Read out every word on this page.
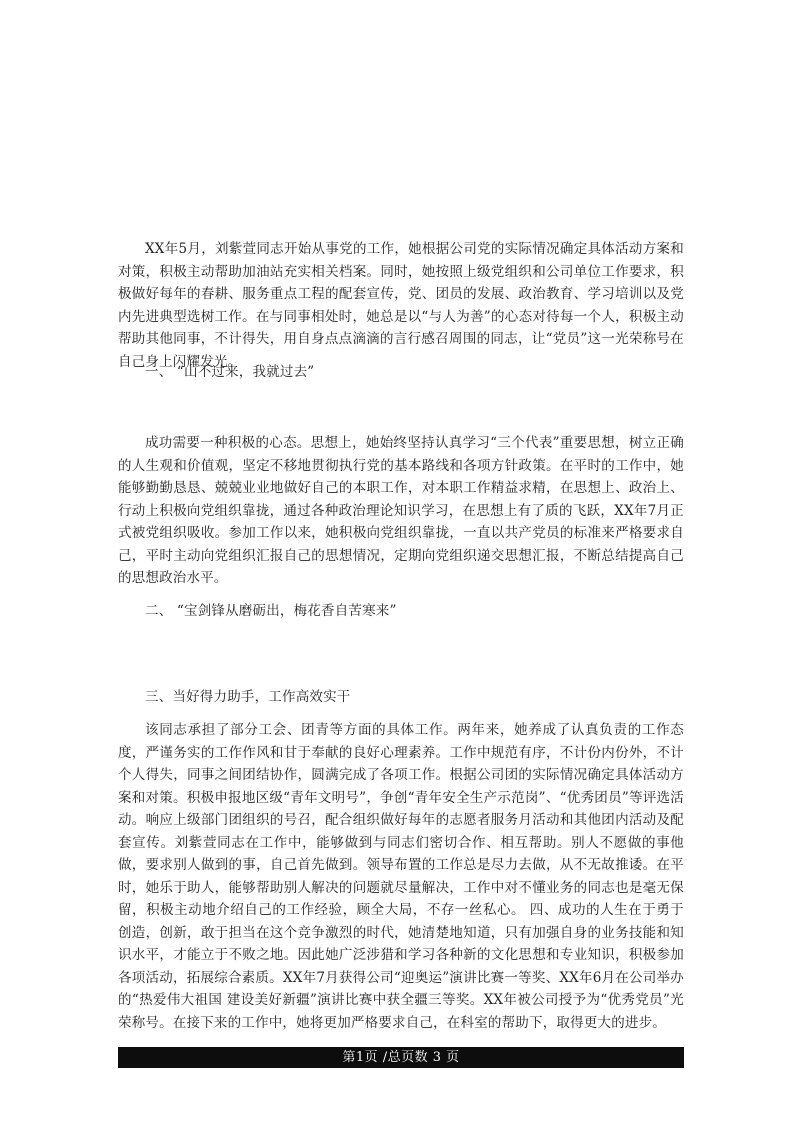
XX年5月，刘紫萱同志开始从事党的工作，她根据公司党的实际情况确定具体活动方案和对策，积极主动帮助加油站充实相关档案。同时，她按照上级党组织和公司单位工作要求，积极做好每年的春耕、服务重点工程的配套宣传，党、团员的发展、政治教育、学习培训以及党内先进典型选树工作。在与同事相处时，她总是以“与人为善”的心态对待每一个人，积极主动帮助其他同事，不计得失，用自身点点滴滴的言行感召周围的同志，让“党员”这一光荣称号在自己身上闪耀发光。

一、 “山不过来，我就过去”

成功需要一种积极的心态。思想上，她始终坚持认真学习“三个代表”重要思想，树立正确的人生观和价值观，坚定不移地贯彻执行党的基本路线和各项方针政策。在平时的工作中，她能够勤勤恳恳、兢兢业业地做好自己的本职工作，对本职工作精益求精，在思想上、政治上、行动上积极向党组织靠拢，通过各种政治理论知识学习，在思想上有了质的飞跃，XX年7月正式被党组织吸收。参加工作以来，她积极向党组织靠拢，一直以共产党员的标准来严格要求自己，平时主动向党组织汇报自己的思想情况，定期向党组织递交思想汇报，不断总结提高自己的思想政治水平。

二、 “宝剑锋从磨砺出，梅花香自苦寒来”
三、当好得力助手，工作高效实干

该同志承担了部分工会、团青等方面的具体工作。两年来，她养成了认真负责的工作态度，严谨务实的工作作风和甘于奉献的良好心理素养。工作中规范有序，不计份内份外，不计个人得失，同事之间团结协作，圆满完成了各项工作。根据公司团的实际情况确定具体活动方案和对策。积极申报地区级“青年文明号”，争创“青年安全生产示范岗”、“优秀团员”等评选活动。响应上级部门团组织的号召，配合组织做好每年的志愿者服务月活动和其他团内活动及配套宣传。刘紫萱同志在工作中，能够做到与同志们密切合作、相互帮助。别人不愿做的事他做，要求别人做到的事，自己首先做到。领导布置的工作总是尽力去做，从不无故推诿。在平时，她乐于助人，能够帮助别人解决的问题就尽量解决，工作中对不懂业务的同志也是毫无保留，积极主动地介绍自己的工作经验，顾全大局，不存一丝私心。 四、成功的人生在于勇于创造，创新，敢于担当在这个竞争激烈的时代，她清楚地知道，只有加强自身的业务技能和知识水平，才能立于不败之地。因此她广泛涉猎和学习各种新的文化思想和专业知识，积极参加各项活动，拓展综合素质。XX年7月获得公司“迎奥运”演讲比赛一等奖、XX年6月在公司举办的“热爱伟大祖国 建设美好新疆”演讲比赛中获全疆三等奖。XX年被公司授予为“优秀党员”光荣称号。在接下来的工作中，她将更加严格要求自己，在科室的帮助下，取得更大的进步。

第1页 /总页数 3 页
